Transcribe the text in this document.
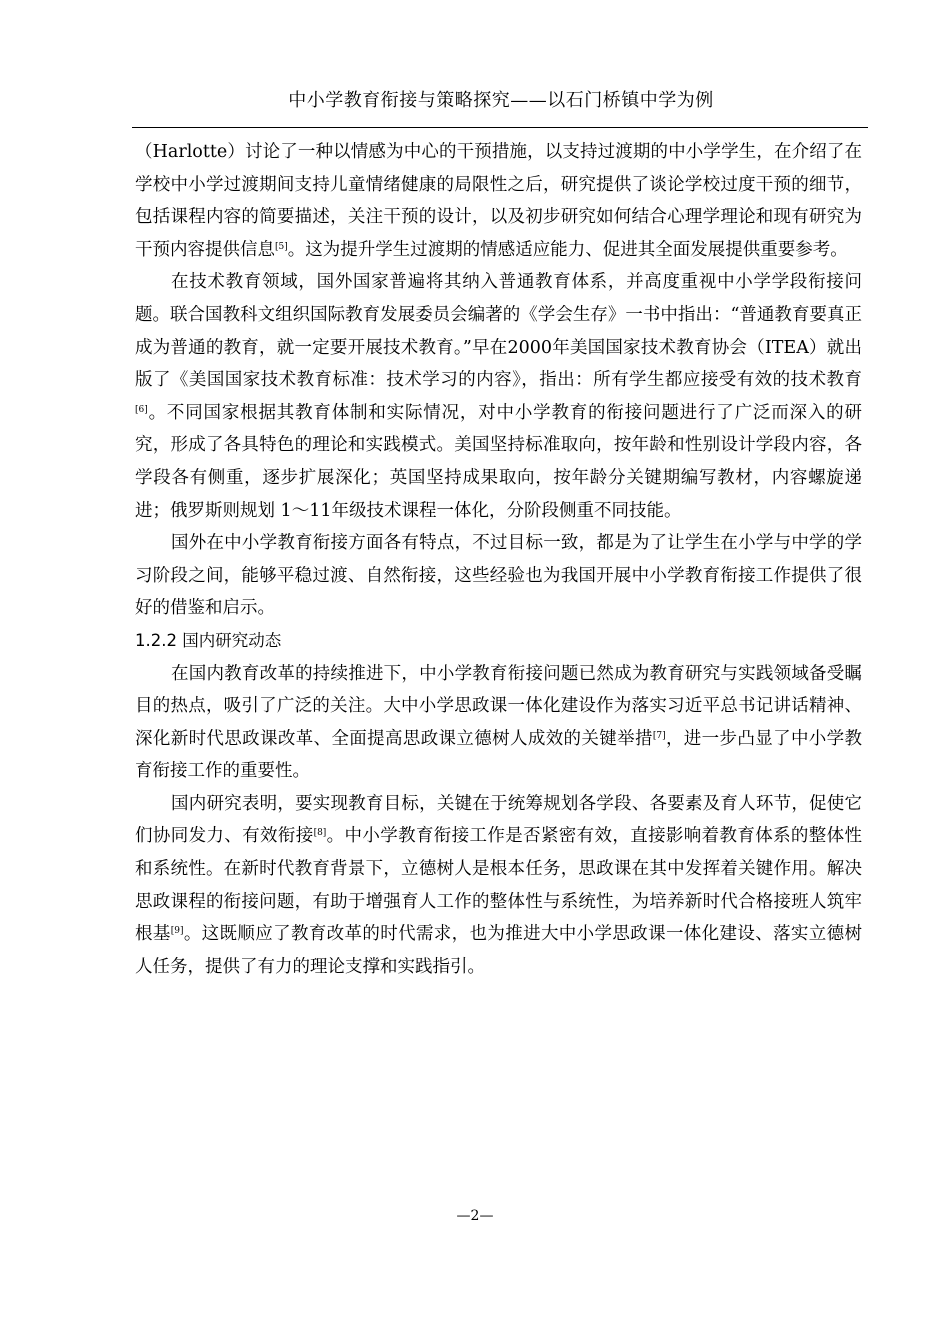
中小学教育衔接与策略探究——以石门桥镇中学为例

（Harlotte）讨论了一种以情感为中心的干预措施，以支持过渡期的中小学学生，在介绍了在学校中小学过渡期间支持儿童情绪健康的局限性之后，研究提供了谈论学校过度干预的细节，包括课程内容的简要描述，关注干预的设计，以及初步研究如何结合心理学理论和现有研究为干预内容提供信息[5]。这为提升学生过渡期的情感适应能力、促进其全面发展提供重要参考。

在技术教育领域，国外国家普遍将其纳入普通教育体系，并高度重视中小学学段衔接问题。联合国教科文组织国际教育发展委员会编著的《学会生存》一书中指出：“普通教育要真正成为普通的教育，就一定要开展技术教育。”早在2000年美国国家技术教育协会（ITEA）就出版了《美国国家技术教育标准：技术学习的内容》，指出：所有学生都应接受有效的技术教育[6]。不同国家根据其教育体制和实际情况，对中小学教育的衔接问题进行了广泛而深入的研究，形成了各具特色的理论和实践模式。美国坚持标准取向，按年龄和性别设计学段内容，各学段各有侧重，逐步扩展深化；英国坚持成果取向，按年龄分关键期编写教材，内容螺旋递进；俄罗斯则规划 1～11年级技术课程一体化，分阶段侧重不同技能。

国外在中小学教育衔接方面各有特点，不过目标一致，都是为了让学生在小学与中学的学习阶段之间，能够平稳过渡、自然衔接，这些经验也为我国开展中小学教育衔接工作提供了很好的借鉴和启示。

1.2.2 国内研究动态

在国内教育改革的持续推进下，中小学教育衔接问题已然成为教育研究与实践领域备受瞩目的热点，吸引了广泛的关注。大中小学思政课一体化建设作为落实习近平总书记讲话精神、深化新时代思政课改革、全面提高思政课立德树人成效的关键举措[7]，进一步凸显了中小学教育衔接工作的重要性。

国内研究表明，要实现教育目标，关键在于统筹规划各学段、各要素及育人环节，促使它们协同发力、有效衔接[8]。中小学教育衔接工作是否紧密有效，直接影响着教育体系的整体性和系统性。在新时代教育背景下，立德树人是根本任务，思政课在其中发挥着关键作用。解决思政课程的衔接问题，有助于增强育人工作的整体性与系统性，为培养新时代合格接班人筑牢根基[9]。这既顺应了教育改革的时代需求，也为推进大中小学思政课一体化建设、落实立德树人任务，提供了有力的理论支撑和实践指引。

—2—
